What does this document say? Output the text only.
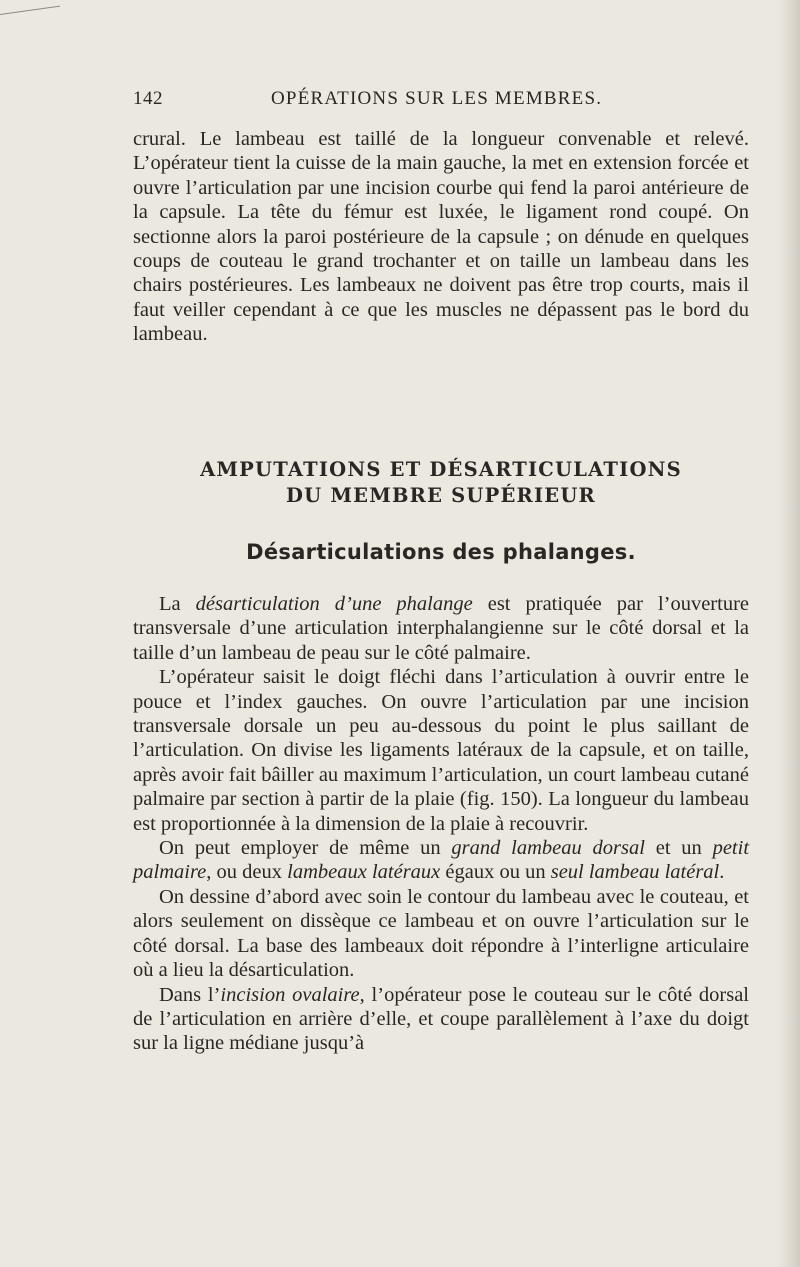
142	OPÉRATIONS SUR LES MEMBRES.

crural. Le lambeau est taillé de la longueur convenable et relevé. L’opérateur tient la cuisse de la main gauche, la met en extension forcée et ouvre l’articulation par une incision courbe qui fend la paroi antérieure de la capsule. La tête du fémur est luxée, le ligament rond coupé. On sectionne alors la paroi postérieure de la capsule ; on dénude en quelques coups de couteau le grand trochanter et on taille un lambeau dans les chairs postérieures. Les lambeaux ne doivent pas être trop courts, mais il faut veiller cependant à ce que les muscles ne dépassent pas le bord du lambeau.

AMPUTATIONS ET DÉSARTICULATIONS
DU MEMBRE SUPÉRIEUR
Désarticulations des phalanges.

La désarticulation d’une phalange est pratiquée par l’ouverture transversale d’une articulation interphalangienne sur le côté dorsal et la taille d’un lambeau de peau sur le côté palmaire.

L’opérateur saisit le doigt fléchi dans l’articulation à ouvrir entre le pouce et l’index gauches. On ouvre l’articulation par une incision transversale dorsale un peu au-dessous du point le plus saillant de l’articulation. On divise les ligaments latéraux de la capsule, et on taille, après avoir fait bâiller au maximum l’articulation, un court lambeau cutané palmaire par section à partir de la plaie (fig. 150). La longueur du lambeau est proportionnée à la dimension de la plaie à recouvrir.

On peut employer de même un grand lambeau dorsal et un petit palmaire, ou deux lambeaux latéraux égaux ou un seul lambeau latéral.

On dessine d’abord avec soin le contour du lambeau avec le couteau, et alors seulement on dissèque ce lambeau et on ouvre l’articulation sur le côté dorsal. La base des lambeaux doit répondre à l’interligne articulaire où a lieu la désarticulation.

Dans l’incision ovalaire, l’opérateur pose le couteau sur le côté dorsal de l’articulation en arrière d’elle, et coupe parallèlement à l’axe du doigt sur la ligne médiane jusqu’à
